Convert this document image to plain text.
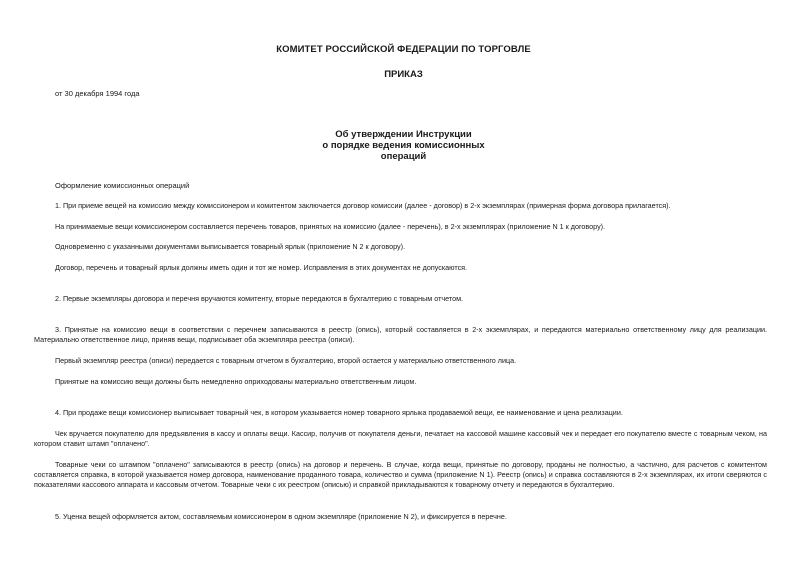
КОМИТЕТ РОССИЙСКОЙ ФЕДЕРАЦИИ ПО ТОРГОВЛЕ
ПРИКАЗ
от 30 декабря 1994 года
Об утверждении Инструкции
о порядке ведения комиссионных
операций
Оформление комиссионных операций
1. При приеме вещей на комиссию между комиссионером и комитентом заключается договор комиссии (далее - договор) в 2-х экземплярах (примерная форма договора прилагается).
На принимаемые вещи комиссионером составляется перечень товаров, принятых на комиссию (далее - перечень), в 2-х экземплярах (приложение N 1 к договору).
Одновременно с указанными документами выписывается товарный ярлык (приложение N 2 к договору).
Договор, перечень и товарный ярлык должны иметь один и тот же номер. Исправления в этих документах не допускаются.
2. Первые экземпляры договора и перечня вручаются комитенту, вторые передаются в бухгалтерию с товарным отчетом.
3. Принятые на комиссию вещи в соответствии с перечнем записываются в реестр (опись), который составляется в 2-х экземплярах, и передаются материально ответственному лицу для реализации. Материально ответственное лицо, приняв вещи, подписывает оба экземпляра реестра (описи).
Первый экземпляр реестра (описи) передается с товарным отчетом в бухгалтерию, второй остается у материально ответственного лица.
Принятые на комиссию вещи должны быть немедленно оприходованы материально ответственным лицом.
4. При продаже вещи комиссионер выписывает товарный чек, в котором указывается номер товарного ярлыка продаваемой вещи, ее наименование и цена реализации.
Чек вручается покупателю для предъявления в кассу и оплаты вещи. Кассир, получив от покупателя деньги, печатает на кассовой машине кассовый чек и передает его покупателю вместе с товарным чеком, на котором ставит штамп "оплачено".
Товарные чеки со штампом "оплачено" записываются в реестр (опись) на договор и перечень. В случае, когда вещи, принятые по договору, проданы не полностью, а частично, для расчетов с комитентом составляется справка, в которой указывается номер договора, наименование проданного товара, количество и сумма (приложение N 1). Реестр (опись) и справка составляются в 2-х экземплярах, их итоги сверяются с показателями кассового аппарата и кассовым отчетом. Товарные чеки с их реестром (описью) и справкой прикладываются к товарному отчету и передаются в бухгалтерию.
5. Уценка вещей оформляется актом, составляемым комиссионером в одном экземпляре (приложение N 2), и фиксируется в перечне.
